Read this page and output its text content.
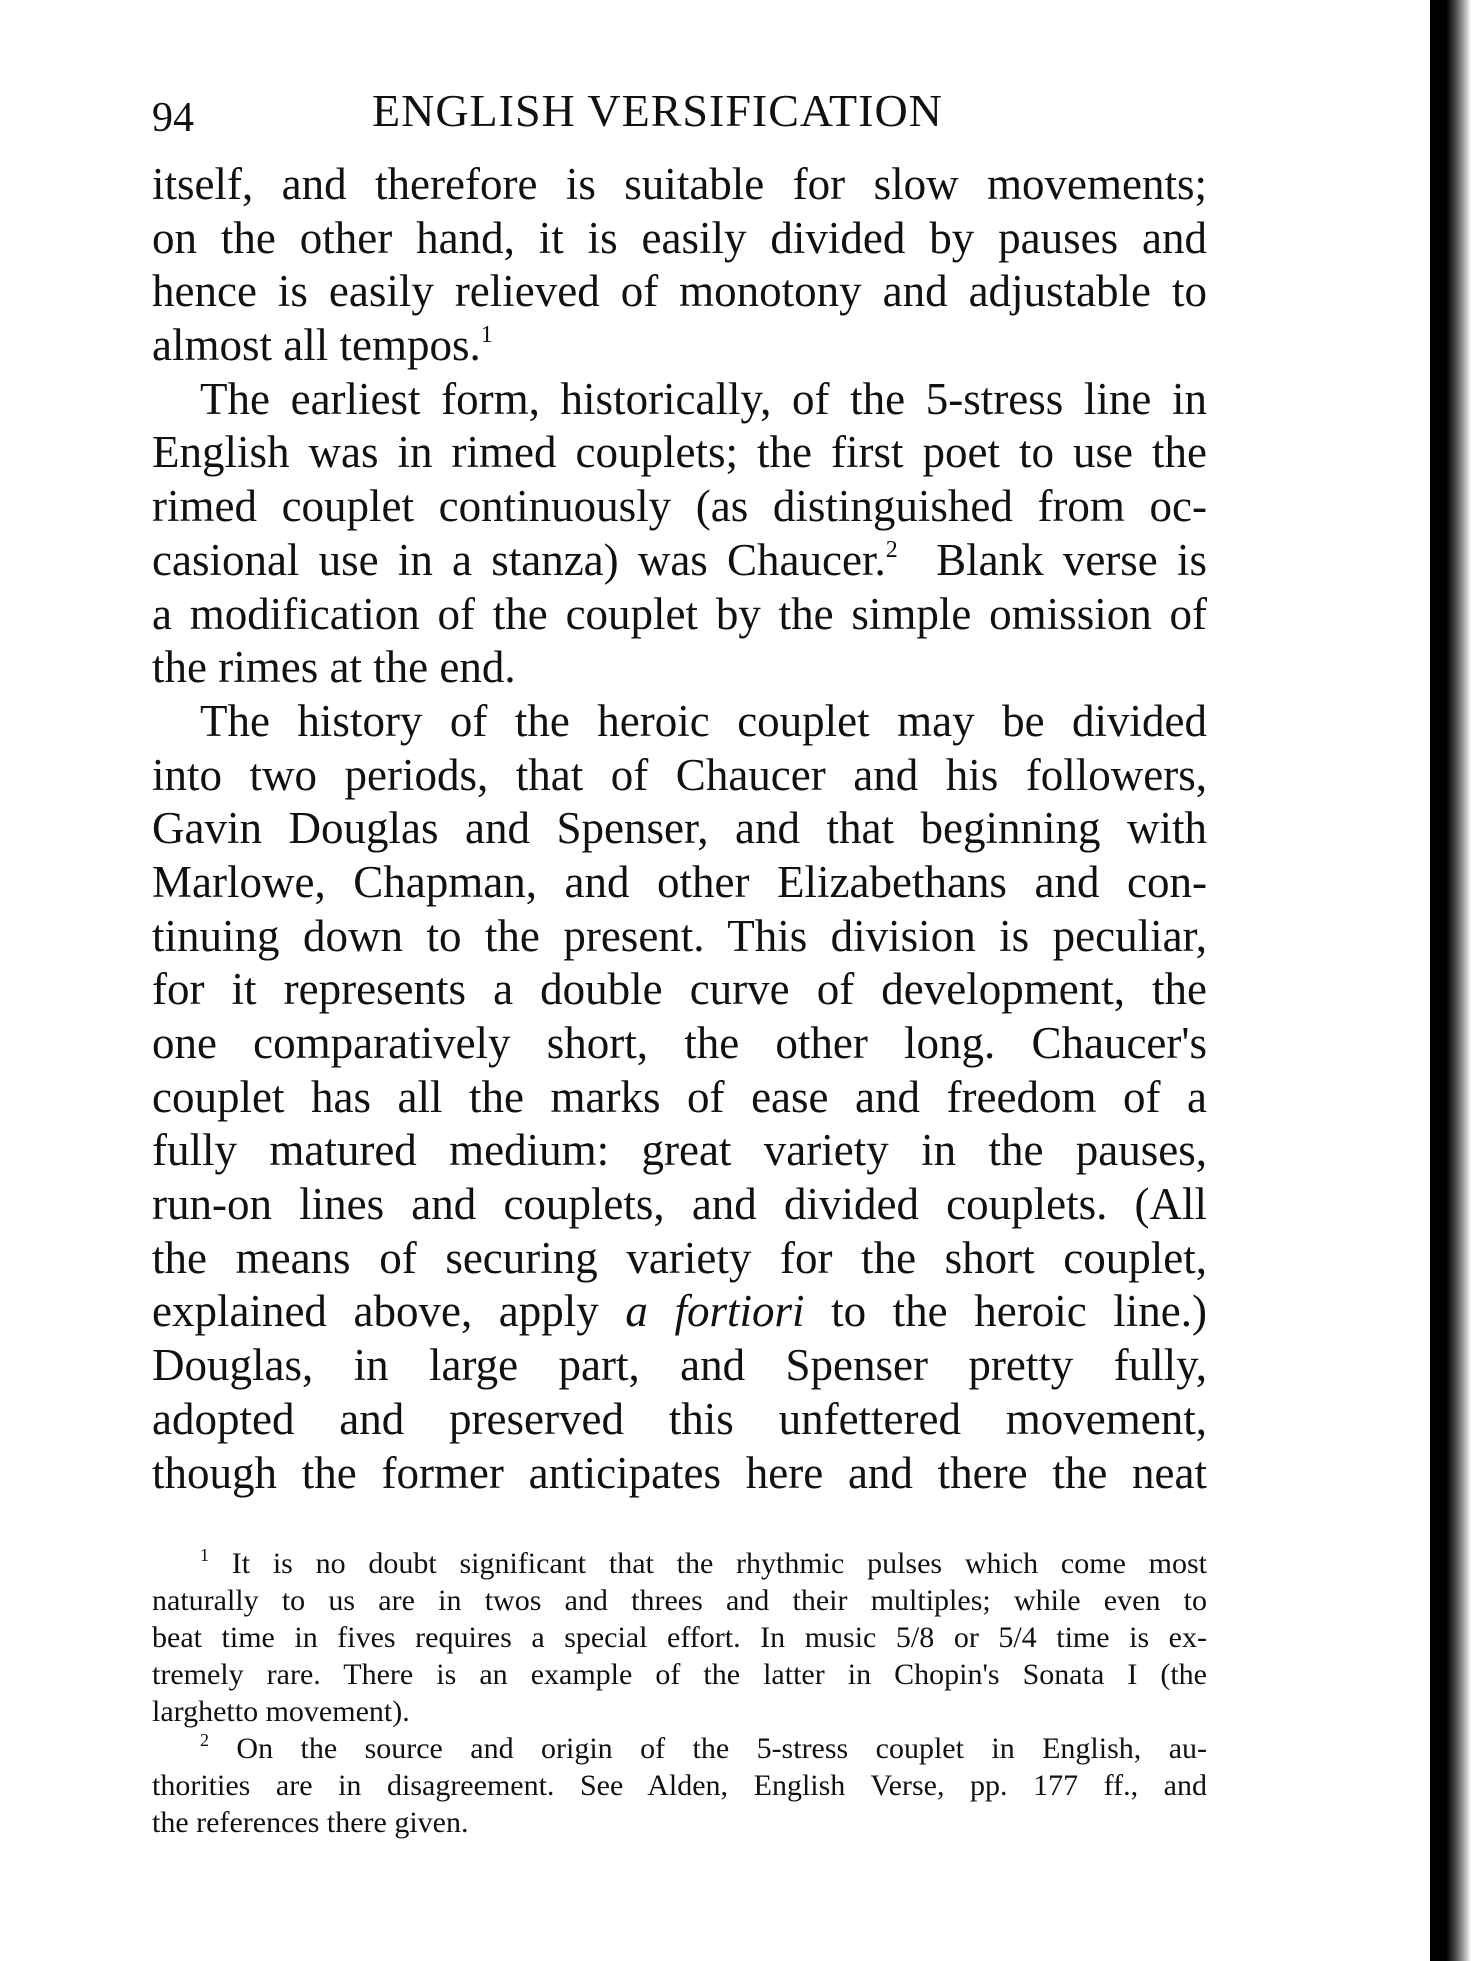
94	ENGLISH VERSIFICATION
itself, and therefore is suitable for slow movements;
on the other hand, it is easily divided by pauses and
hence is easily relieved of monotony and adjustable to
almost all tempos.$^1$
The earliest form, historically, of the 5-stress line in
English was in rimed couplets; the first poet to use the
rimed couplet continuously (as distinguished from oc-
casional use in a stanza) was Chaucer.$^2$ Blank verse is
a modification of the couplet by the simple omission of
the rimes at the end.
The history of the heroic couplet may be divided
into two periods, that of Chaucer and his followers,
Gavin Douglas and Spenser, and that beginning with
Marlowe, Chapman, and other Elizabethans and con-
tinuing down to the present. This division is peculiar,
for it represents a double curve of development, the
one comparatively short, the other long. Chaucer's
couplet has all the marks of ease and freedom of a
fully matured medium: great variety in the pauses,
run-on lines and couplets, and divided couplets. (All
the means of securing variety for the short couplet,
explained above, apply a fortiori to the heroic line.)
Douglas, in large part, and Spenser pretty fully,
adopted and preserved this unfettered movement,
though the former anticipates here and there the neat
$^1$ It is no doubt significant that the rhythmic pulses which come most
naturally to us are in twos and threes and their multiples; while even to
beat time in fives requires a special effort. In music 5/8 or 5/4 time is ex-
tremely rare. There is an example of the latter in Chopin's Sonata I (the
larghetto movement).
$^2$ On the source and origin of the 5-stress couplet in English, au-
thorities are in disagreement. See Alden, English Verse, pp. 177 ff., and
the references there given.
